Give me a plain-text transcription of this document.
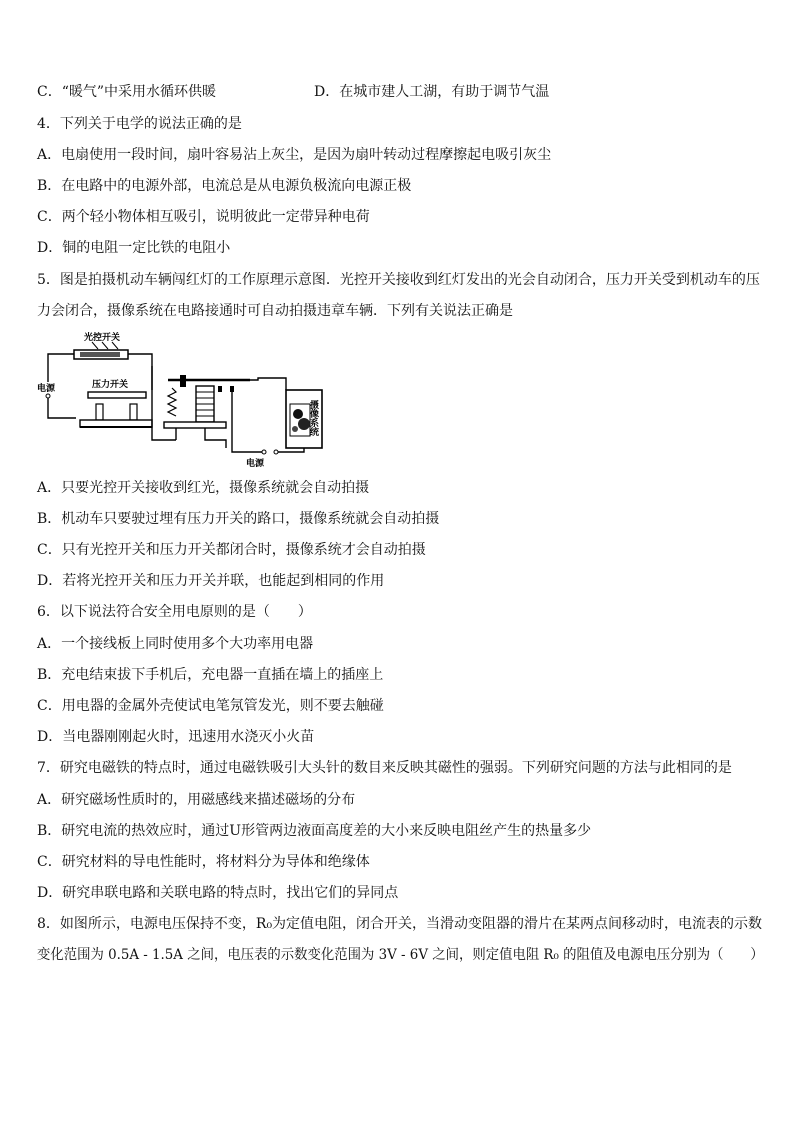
C．“暖气”中采用水循环供暖	D．在城市建人工湖，有助于调节气温
4．下列关于电学的说法正确的是
A．电扇使用一段时间，扇叶容易沾上灰尘，是因为扇叶转动过程摩擦起电吸引灰尘
B．在电路中的电源外部，电流总是从电源负极流向电源正极
C．两个轻小物体相互吸引，说明彼此一定带异种电荷
D．铜的电阻一定比铁的电阻小
5．图是拍摄机动车辆闯红灯的工作原理示意图．光控开关接收到红灯发出的光会自动闭合，压力开关受到机动车的压
力会闭合，摄像系统在电路接通时可自动拍摄违章车辆．下列有关说法正确是
光控开关
电源	压力开关
摄像系统
电源
A．只要光控开关接收到红光，摄像系统就会自动拍摄
B．机动车只要驶过埋有压力开关的路口，摄像系统就会自动拍摄
C．只有光控开关和压力开关都闭合时，摄像系统才会自动拍摄
D．若将光控开关和压力开关并联，也能起到相同的作用
6．以下说法符合安全用电原则的是（　　）
A．一个接线板上同时使用多个大功率用电器
B．充电结束拔下手机后，充电器一直插在墙上的插座上
C．用电器的金属外壳使试电笔氖管发光，则不要去触碰
D．当电器刚刚起火时，迅速用水浇灭小火苗
7．研究电磁铁的特点时，通过电磁铁吸引大头针的数目来反映其磁性的强弱。下列研究问题的方法与此相同的是
A．研究磁场性质时的，用磁感线来描述磁场的分布
B．研究电流的热效应时，通过U形管两边液面高度差的大小来反映电阻丝产生的热量多少
C．研究材料的导电性能时，将材料分为导体和绝缘体
D．研究串联电路和关联电路的特点时，找出它们的异同点
8．如图所示，电源电压保持不变，R₀为定值电阻，闭合开关，当滑动变阻器的滑片在某两点间移动时，电流表的示数
变化范围为 0.5A - 1.5A 之间，电压表的示数变化范围为 3V - 6V 之间，则定值电阻 R₀ 的阻值及电源电压分别为（　　）
